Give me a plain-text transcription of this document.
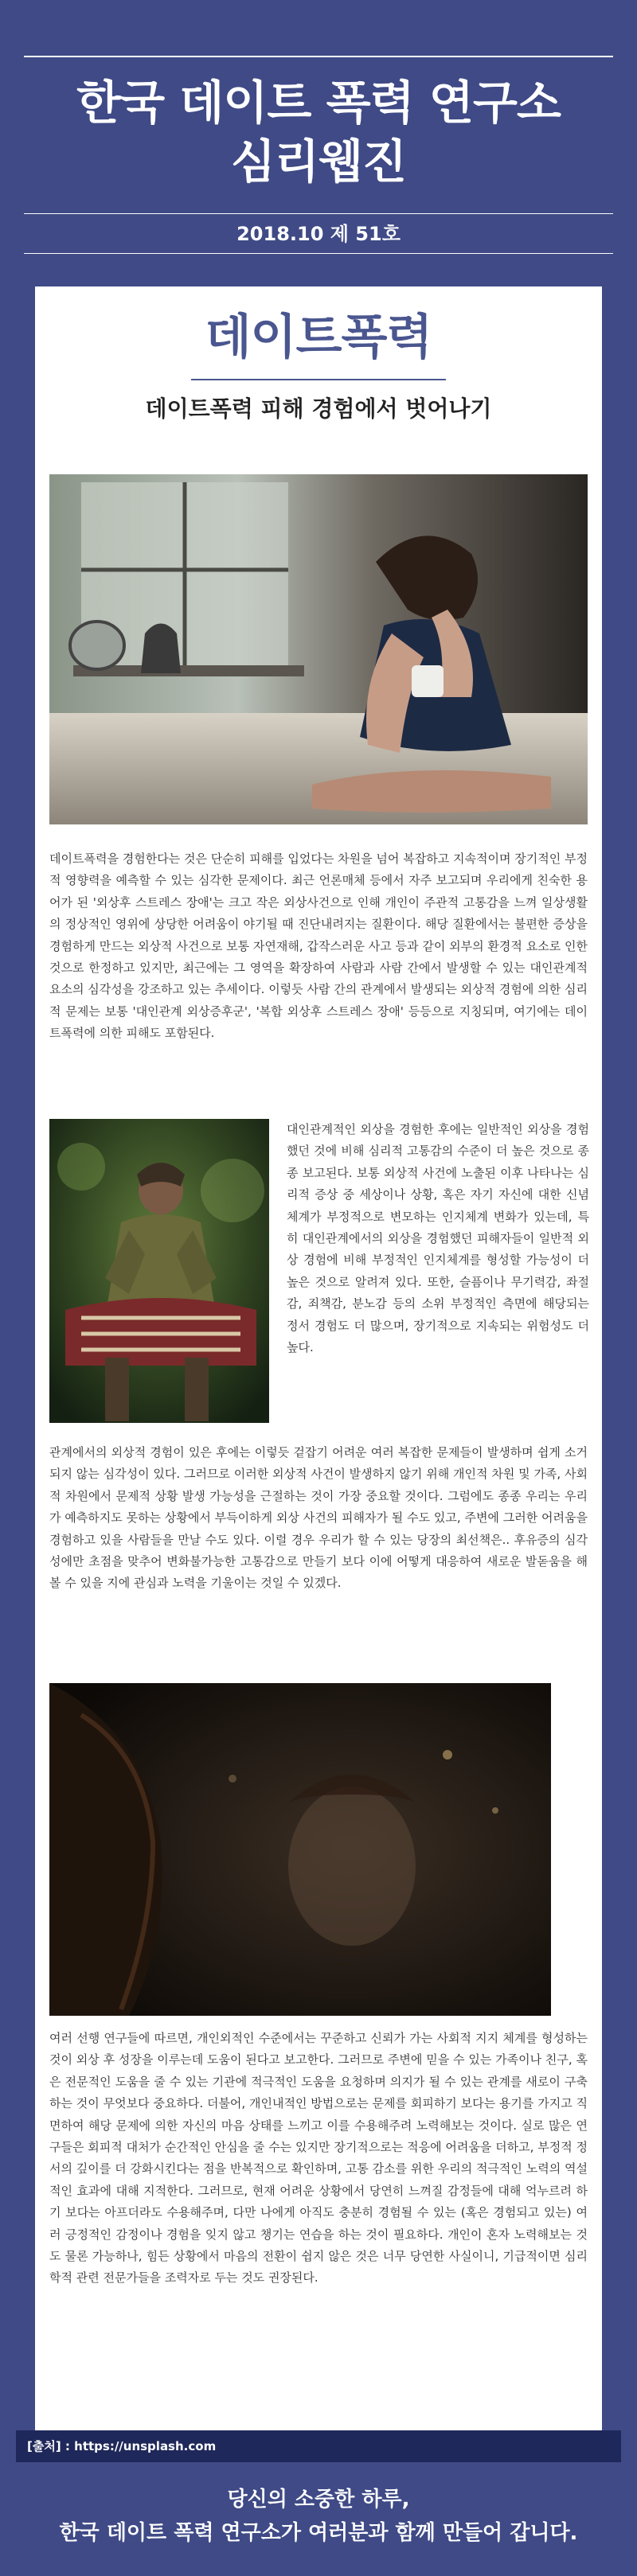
한국 데이트 폭력 연구소
심리웹진
2018.10 제 51호
데이트폭력
데이트폭력 피해 경험에서 벗어나기

데이트폭력을 경험한다는 것은 단순히 피해를 입었다는 차원을 넘어 복잡하고 지속적이며 장기적인 부정적 영향력을 예측할 수 있는 심각한 문제이다. 최근 언론매체 등에서 자주 보고되며 우리에게 친숙한 용어가 된 '외상후 스트레스 장애'는 크고 작은 외상사건으로 인해 개인이 주관적 고통감을 느껴 일상생활의 정상적인 영위에 상당한 어려움이 야기될 때 진단내려지는 질환이다. 해당 질환에서는 불편한 증상을 경험하게 만드는 외상적 사건으로 보통 자연재해, 갑작스러운 사고 등과 같이 외부의 환경적 요소로 인한 것으로 한정하고 있지만, 최근에는 그 영역을 확장하여 사람과 사람 간에서 발생할 수 있는 대인관계적 요소의 심각성을 강조하고 있는 추세이다. 이렇듯 사람 간의 관계에서 발생되는 외상적 경험에 의한 심리적 문제는 보통 '대인관계 외상증후군', '복합 외상후 스트레스 장애' 등등으로 지칭되며, 여기에는 데이트폭력에 의한 피해도 포함된다.

대인관계적인 외상을 경험한 후에는 일반적인 외상을 경험했던 것에 비해 심리적 고통감의 수준이 더 높은 것으로 종종 보고된다. 보통 외상적 사건에 노출된 이후 나타나는 심리적 증상 중 세상이나 상황, 혹은 자기 자신에 대한 신념체계가 부정적으로 변모하는 인지체계 변화가 있는데, 특히 대인관계에서의 외상을 경험했던 피해자들이 일반적 외상 경험에 비해 부정적인 인지체계를 형성할 가능성이 더 높은 것으로 알려져 있다. 또한, 슬픔이나 무기력감, 좌절감, 죄책감, 분노감 등의 소위 부정적인 측면에 해당되는 정서 경험도 더 많으며, 장기적으로 지속되는 위험성도 더 높다.

관계에서의 외상적 경험이 있은 후에는 이렇듯 겉잡기 어려운 여러 복잡한 문제들이 발생하며 쉽게 소거되지 않는 심각성이 있다. 그러므로 이러한 외상적 사건이 발생하지 않기 위해 개인적 차원 및 가족, 사회적 차원에서 문제적 상황 발생 가능성을 근절하는 것이 가장 중요할 것이다. 그럼에도 종종 우리는 우리가 예측하지도 못하는 상황에서 부득이하게 외상 사건의 피해자가 될 수도 있고, 주변에 그러한 어려움을 경험하고 있을 사람들을 만날 수도 있다. 이럴 경우 우리가 할 수 있는 당장의 최선책은.. 후유증의 심각성에만 초점을 맞추어 변화불가능한 고통감으로 만들기 보다 이에 어떻게 대응하여 새로운 발돋움을 해볼 수 있을 지에 관심과 노력을 기울이는 것일 수 있겠다.

여러 선행 연구들에 따르면, 개인외적인 수준에서는 꾸준하고 신뢰가 가는 사회적 지지 체계를 형성하는 것이 외상 후 성장을 이루는데 도움이 된다고 보고한다. 그러므로 주변에 믿을 수 있는 가족이나 친구, 혹은 전문적인 도움을 줄 수 있는 기관에 적극적인 도움을 요청하며 의지가 될 수 있는 관계를 새로이 구축하는 것이 무엇보다 중요하다. 더불어, 개인내적인 방법으로는 문제를 회피하기 보다는 용기를 가지고 직면하여 해당 문제에 의한 자신의 마음 상태를 느끼고 이를 수용해주려 노력해보는 것이다. 실로 많은 연구들은 회피적 대처가 순간적인 안심을 줄 수는 있지만 장기적으로는 적응에 어려움을 더하고, 부정적 정서의 깊이를 더 강화시킨다는 점을 반복적으로 확인하며, 고통 감소를 위한 우리의 적극적인 노력의 역설적인 효과에 대해 지적한다. 그러므로, 현재 어려운 상황에서 당연히 느껴질 감정들에 대해 억누르려 하기 보다는 아프더라도 수용해주며, 다만 나에게 아직도 충분히 경험될 수 있는 (혹은 경험되고 있는) 여러 긍정적인 감정이나 경험을 잊지 않고 챙기는 연습을 하는 것이 필요하다. 개인이 혼자 노력해보는 것도 물론 가능하나, 힘든 상황에서 마음의 전환이 쉽지 않은 것은 너무 당연한 사실이니, 기급적이면 심리학적 관련 전문가들을 조력자로 두는 것도 권장된다.

[출처] : https://unsplash.com
당신의 소중한 하루,
한국 데이트 폭력 연구소가 여러분과 함께 만들어 갑니다.
